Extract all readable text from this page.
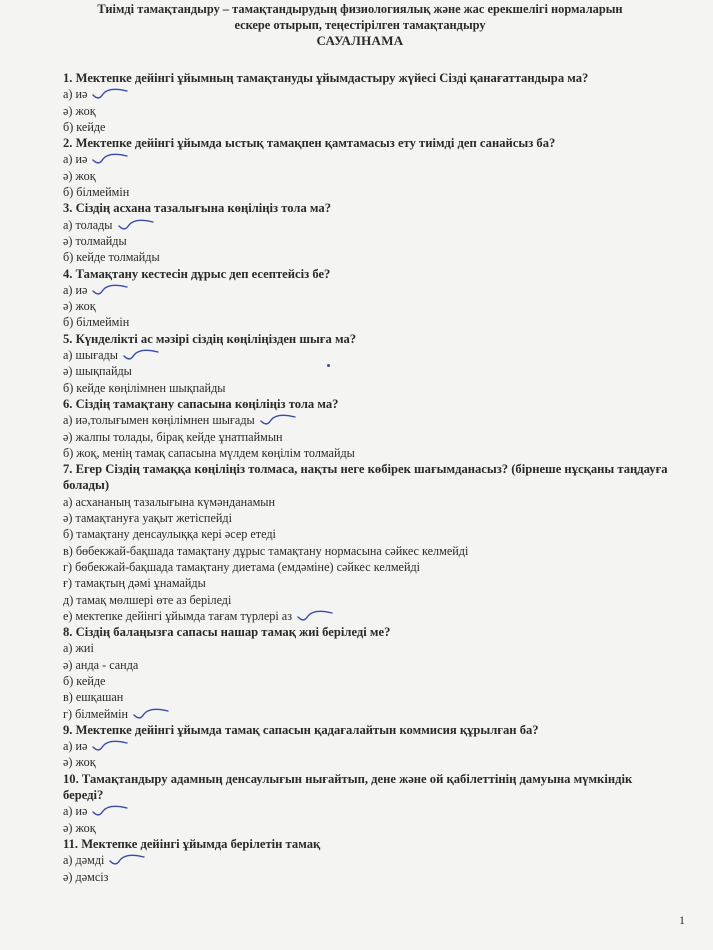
Тиімді тамақтандыру – тамақтандырудың физиологиялық және жас ерекшелігі нормаларын
ескере отырып, теңестірілген тамақтандыру
САУАЛНАМА
1. Мектепке дейінгі ұйымның тамақтануды ұйымдастыру жүйесі Сізді қанағаттандыра ма?
а) иә
ә) жоқ
б) кейде
2. Мектепке дейінгі ұйымда ыстық тамақпен қамтамасыз ету тиімді деп санайсыз ба?
а) иә
ә) жоқ
б) білмеймін
3. Сіздің асхана тазалығына көңіліңіз тола ма?
а) толады
ә) толмайды
б) кейде толмайды
4. Тамақтану кестесін дұрыс деп есептейсіз бе?
а) иә
ә) жоқ
б) білмеймін
5. Күнделікті ас мәзірі сіздің көңіліңізден шыға ма?
а) шығады
ә) шықпайды
б) кейде көңілімнен шықпайды
6. Сіздің тамақтану сапасына көңіліңіз тола ма?
а) иә,толығымен көңілімнен шығады
ә) жалпы толады, бірақ кейде ұнатпаймын
б) жоқ, менің тамақ сапасына мүлдем көңілім толмайды
7. Егер Сіздің тамаққа көңіліңіз толмаса, нақты неге көбірек шағымданасыз? (бірнеше нұсқаны таңдауға болады)
а) асхананың тазалығына күмәнданамын
ә) тамақтануға уақыт жетіспейді
б) тамақтану денсаулыққа кері әсер етеді
в) бөбекжай-бақшада тамақтану дұрыс тамақтану нормасына сәйкес келмейді
г) бөбекжай-бақшада тамақтану диетама (емдәміне) сәйкес келмейді
ғ) тамақтың дәмі ұнамайды
д) тамақ мөлшері өте аз беріледі
е) мектепке дейінгі ұйымда тағам түрлері аз
8. Сіздің балаңызға сапасы нашар тамақ жиі беріледі ме?
а) жиі
ә) анда - санда
б) кейде
в) ешқашан
г) білмеймін
9. Мектепке дейінгі ұйымда тамақ сапасын қадағалайтын коммисия құрылған ба?
а) иә
ә) жоқ
10. Тамақтандыру адамның денсаулығын нығайтып, дене және ой қабілеттінің дамуына мүмкіндік береді?
а) иә
ә) жоқ
11. Мектепке дейінгі ұйымда берілетін тамақ
а) дәмді
ә) дәмсіз
1
